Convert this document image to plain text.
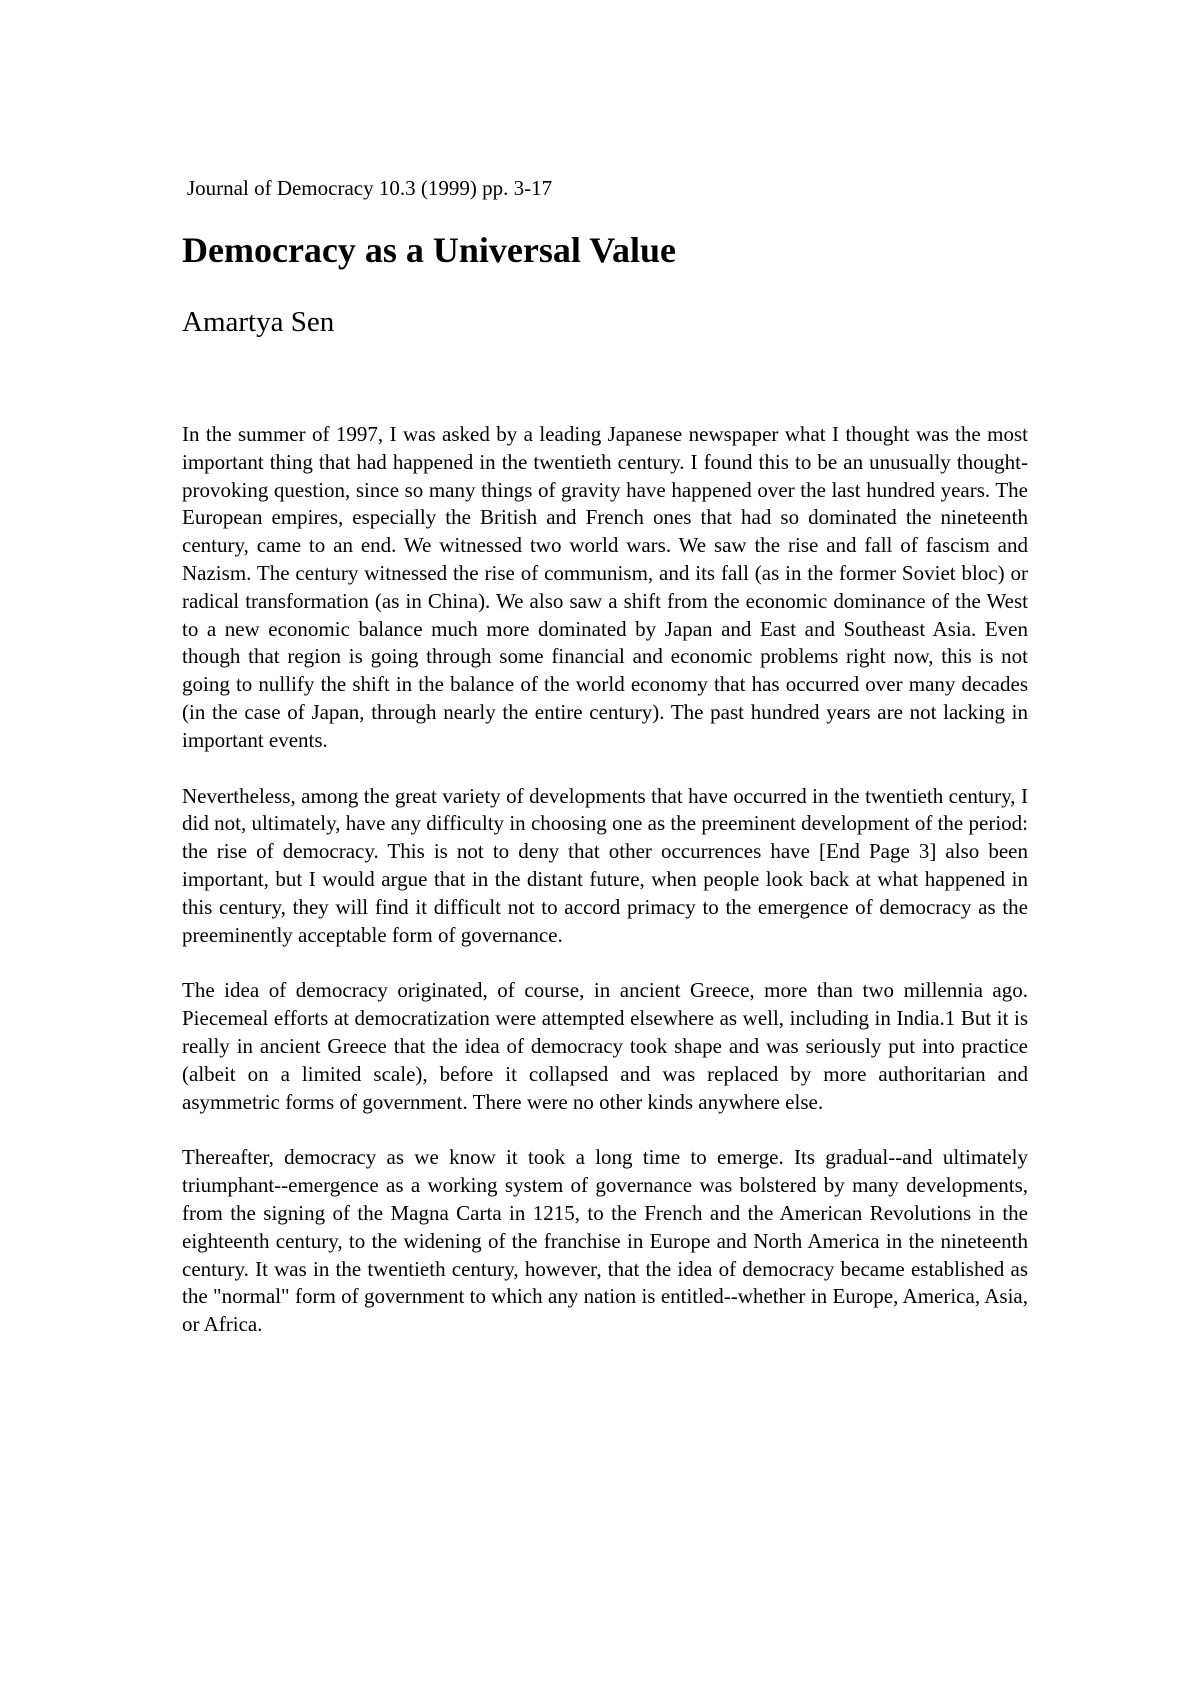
Journal of Democracy 10.3 (1999) pp. 3-17
Democracy as a Universal Value
Amartya Sen

In the summer of 1997, I was asked by a leading Japanese newspaper what I thought was the most important thing that had happened in the twentieth century. I found this to be an unusually thought-provoking question, since so many things of gravity have happened over the last hundred years. The European empires, especially the British and French ones that had so dominated the nineteenth century, came to an end. We witnessed two world wars. We saw the rise and fall of fascism and Nazism. The century witnessed the rise of communism, and its fall (as in the former Soviet bloc) or radical transformation (as in China). We also saw a shift from the economic dominance of the West to a new economic balance much more dominated by Japan and East and Southeast Asia. Even though that region is going through some financial and economic problems right now, this is not going to nullify the shift in the balance of the world economy that has occurred over many decades (in the case of Japan, through nearly the entire century). The past hundred years are not lacking in important events.

Nevertheless, among the great variety of developments that have occurred in the twentieth century, I did not, ultimately, have any difficulty in choosing one as the preeminent development of the period: the rise of democracy. This is not to deny that other occurrences have [End Page 3] also been important, but I would argue that in the distant future, when people look back at what happened in this century, they will find it difficult not to accord primacy to the emergence of democracy as the preeminently acceptable form of governance.

The idea of democracy originated, of course, in ancient Greece, more than two millennia ago. Piecemeal efforts at democratization were attempted elsewhere as well, including in India.1 But it is really in ancient Greece that the idea of democracy took shape and was seriously put into practice (albeit on a limited scale), before it collapsed and was replaced by more authoritarian and asymmetric forms of government. There were no other kinds anywhere else.

Thereafter, democracy as we know it took a long time to emerge. Its gradual--and ultimately triumphant--emergence as a working system of governance was bolstered by many developments, from the signing of the Magna Carta in 1215, to the French and the American Revolutions in the eighteenth century, to the widening of the franchise in Europe and North America in the nineteenth century. It was in the twentieth century, however, that the idea of democracy became established as the "normal" form of government to which any nation is entitled--whether in Europe, America, Asia, or Africa.
